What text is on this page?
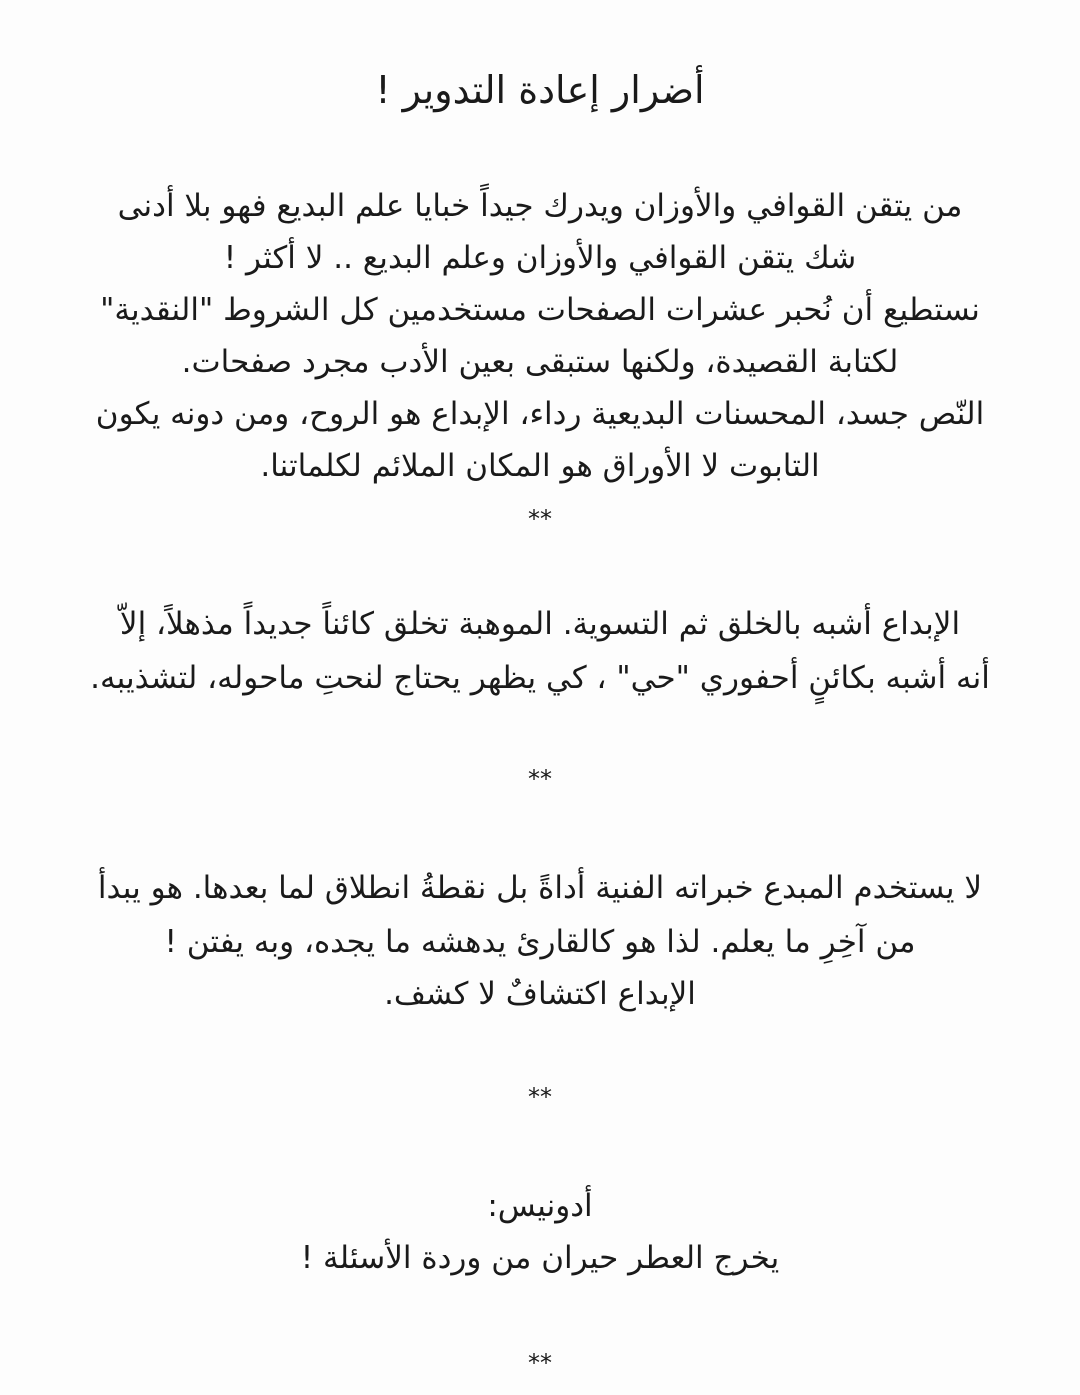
أضرار إعادة التدوير !
من يتقن القوافي والأوزان ويدرك جيداً خبايا علم البديع فهو بلا أدنى
شك يتقن القوافي والأوزان وعلم البديع .. لا أكثر !
نستطيع أن نُحبر عشرات الصفحات مستخدمين كل الشروط "النقدية"
لكتابة القصيدة، ولكنها ستبقى بعين الأدب مجرد صفحات.
النّص جسد، المحسنات البديعية رداء، الإبداع هو الروح، ومن دونه يكون
التابوت لا الأوراق هو المكان الملائم لكلماتنا.
**
الإبداع أشبه بالخلق ثم التسوية. الموهبة تخلق كائناً جديداً مذهلاً، إلاّ
أنه أشبه بكائنٍ أحفوري "حي" ، كي يظهر يحتاج لنحتِ ماحوله، لتشذيبه.
**
لا يستخدم المبدع خبراته الفنية أداةً بل نقطةُ انطلاق لما بعدها. هو يبدأ
من آخِرِ ما يعلم. لذا هو كالقارئ يدهشه ما يجده، وبه يفتن !
الإبداع اكتشافٌ لا كشف.
**
أدونيس:
يخرج العطر حيران من وردة الأسئلة !
**
